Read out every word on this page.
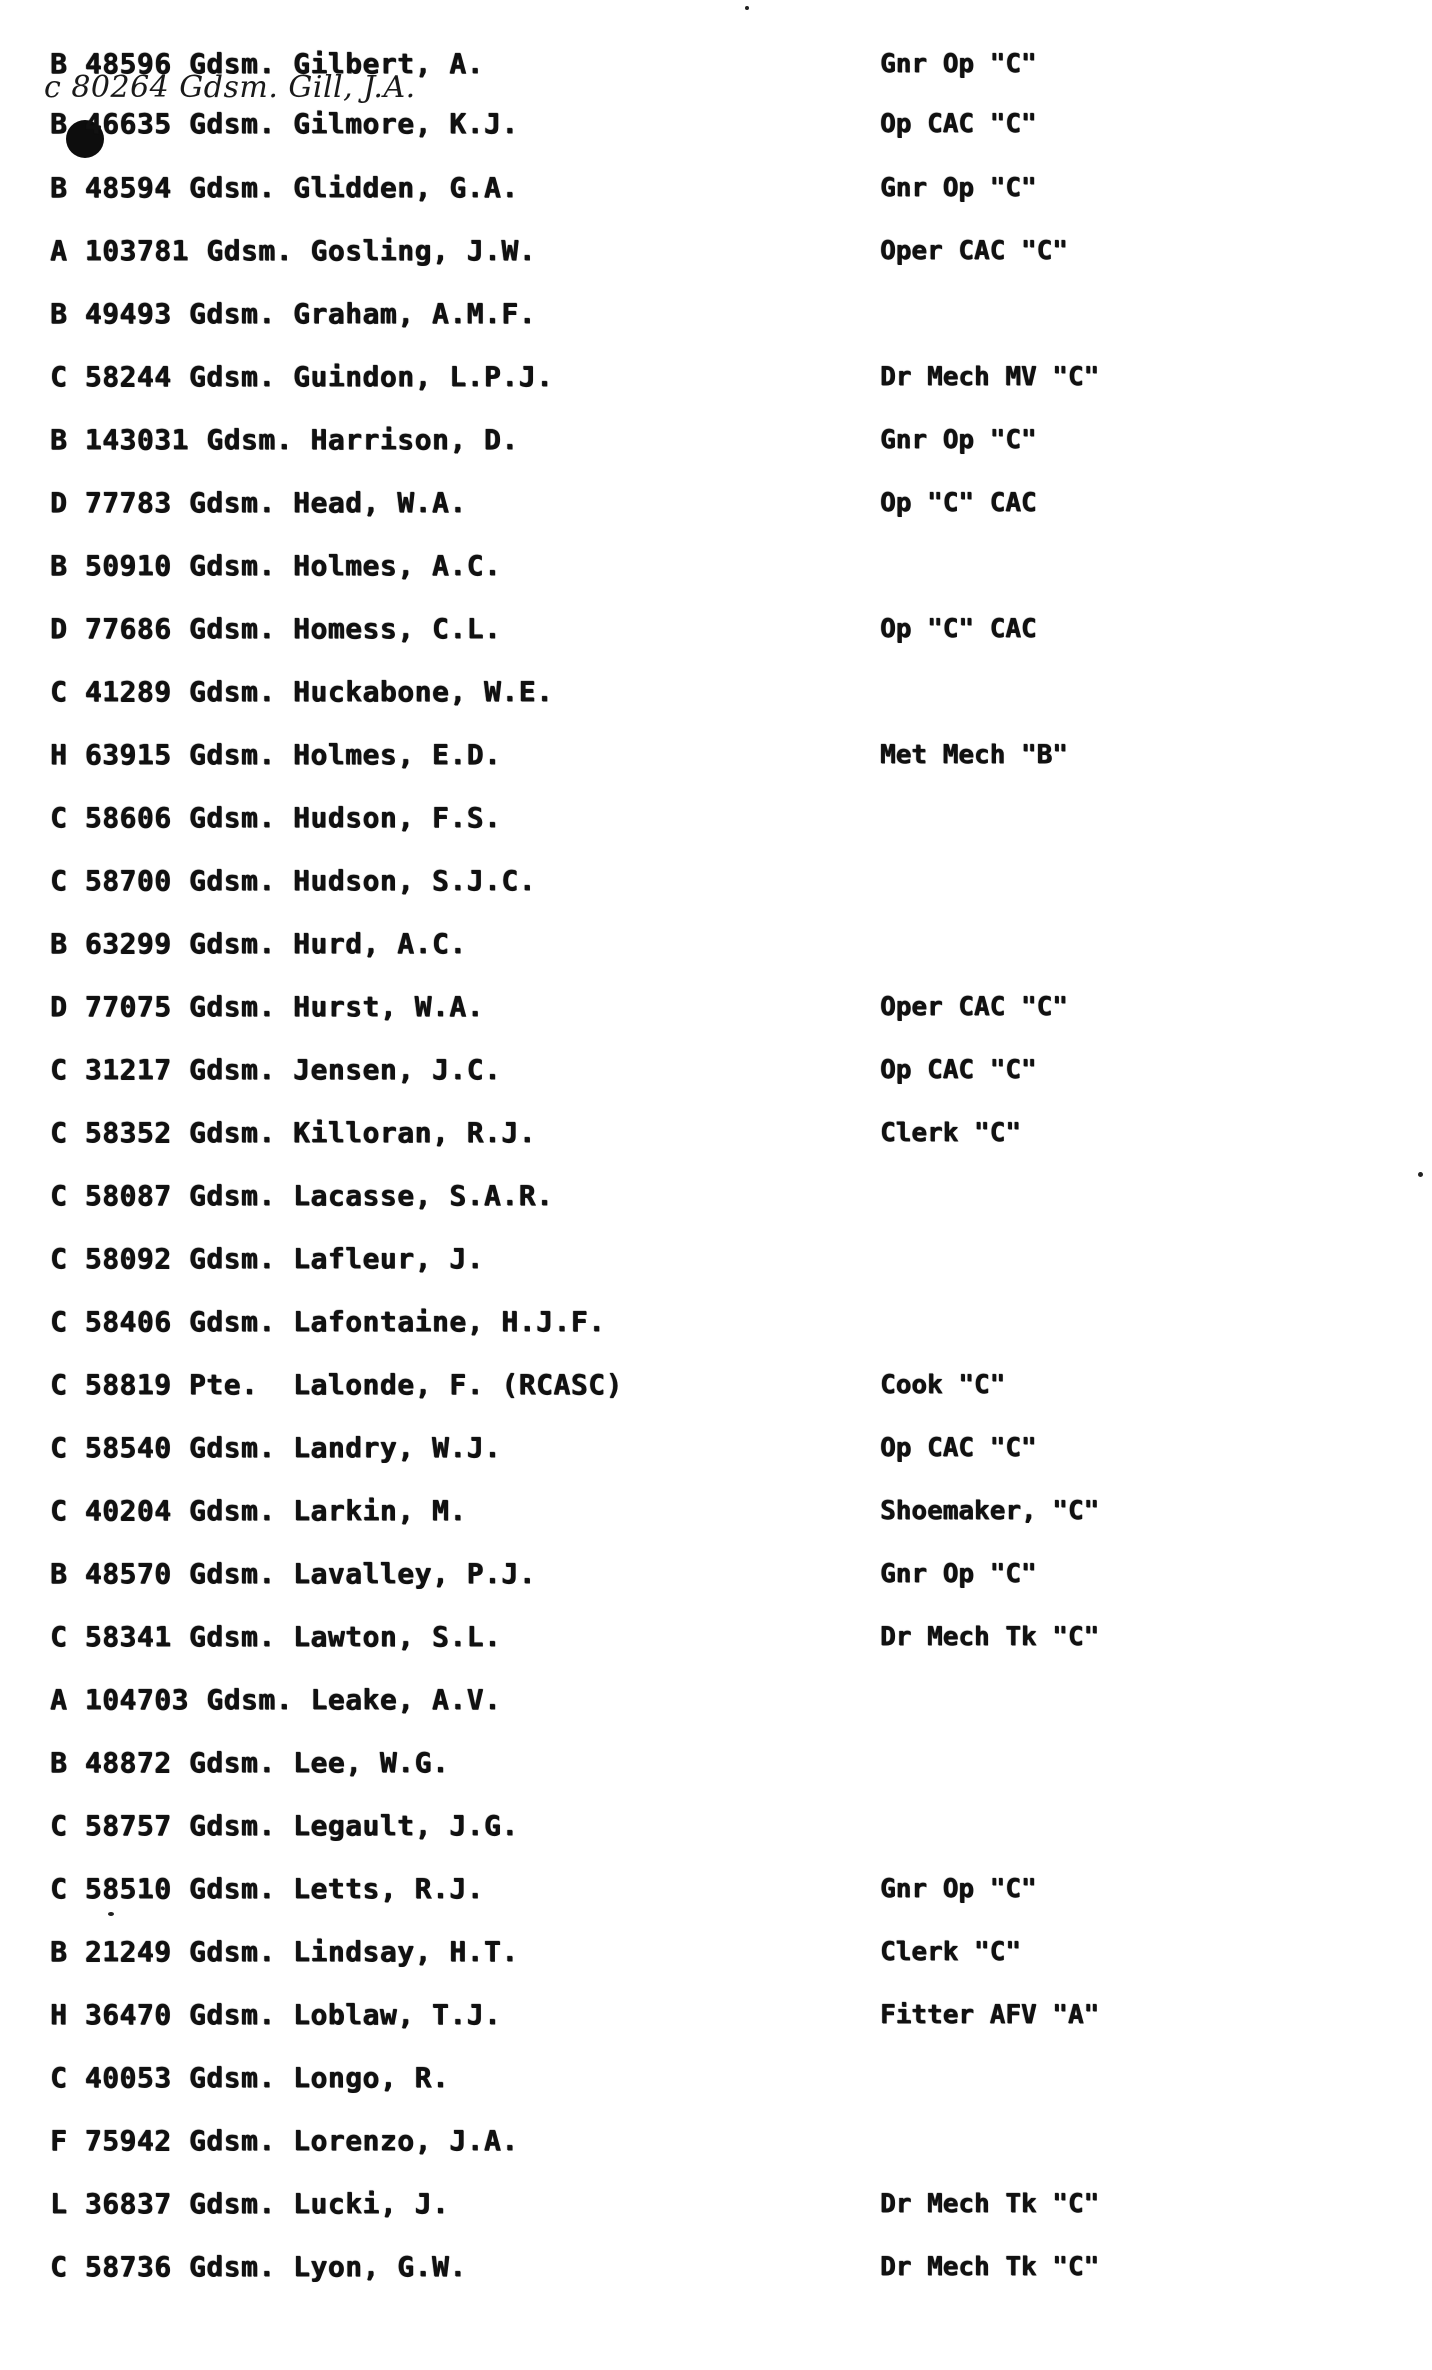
c 80264 Gdsm. Gill, J.A.
B 48596 Gdsm. Gilbert, A.	Gnr Op "C"
B 46635 Gdsm. Gilmore, K.J.	Op CAC "C"
B 48594 Gdsm. Glidden, G.A.	Gnr Op "C"
A 103781 Gdsm. Gosling, J.W.	Oper CAC "C"
B 49493 Gdsm. Graham, A.M.F.
C 58244 Gdsm. Guindon, L.P.J.	Dr Mech MV "C"
B 143031 Gdsm. Harrison, D.	Gnr Op "C"
D 77783 Gdsm. Head, W.A.	Op "C" CAC
B 50910 Gdsm. Holmes, A.C.
D 77686 Gdsm. Homess, C.L.	Op "C" CAC
C 41289 Gdsm. Huckabone, W.E.
H 63915 Gdsm. Holmes, E.D.	Met Mech "B"
C 58606 Gdsm. Hudson, F.S.
C 58700 Gdsm. Hudson, S.J.C.
B 63299 Gdsm. Hurd, A.C.
D 77075 Gdsm. Hurst, W.A.	Oper CAC "C"
C 31217 Gdsm. Jensen, J.C.	Op CAC "C"
C 58352 Gdsm. Killoran, R.J.	Clerk "C"
C 58087 Gdsm. Lacasse, S.A.R.
C 58092 Gdsm. Lafleur, J.
C 58406 Gdsm. Lafontaine, H.J.F.
C 58819 Pte.  Lalonde, F. (RCASC)	Cook "C"
C 58540 Gdsm. Landry, W.J.	Op CAC "C"
C 40204 Gdsm. Larkin, M.	Shoemaker, "C"
B 48570 Gdsm. Lavalley, P.J.	Gnr Op "C"
C 58341 Gdsm. Lawton, S.L.	Dr Mech Tk "C"
A 104703 Gdsm. Leake, A.V.
B 48872 Gdsm. Lee, W.G.
C 58757 Gdsm. Legault, J.G.
C 58510 Gdsm. Letts, R.J.	Gnr Op "C"
B 21249 Gdsm. Lindsay, H.T.	Clerk "C"
H 36470 Gdsm. Loblaw, T.J.	Fitter AFV "A"
C 40053 Gdsm. Longo, R.
F 75942 Gdsm. Lorenzo, J.A.
L 36837 Gdsm. Lucki, J.	Dr Mech Tk "C"
C 58736 Gdsm. Lyon, G.W.	Dr Mech Tk "C"
